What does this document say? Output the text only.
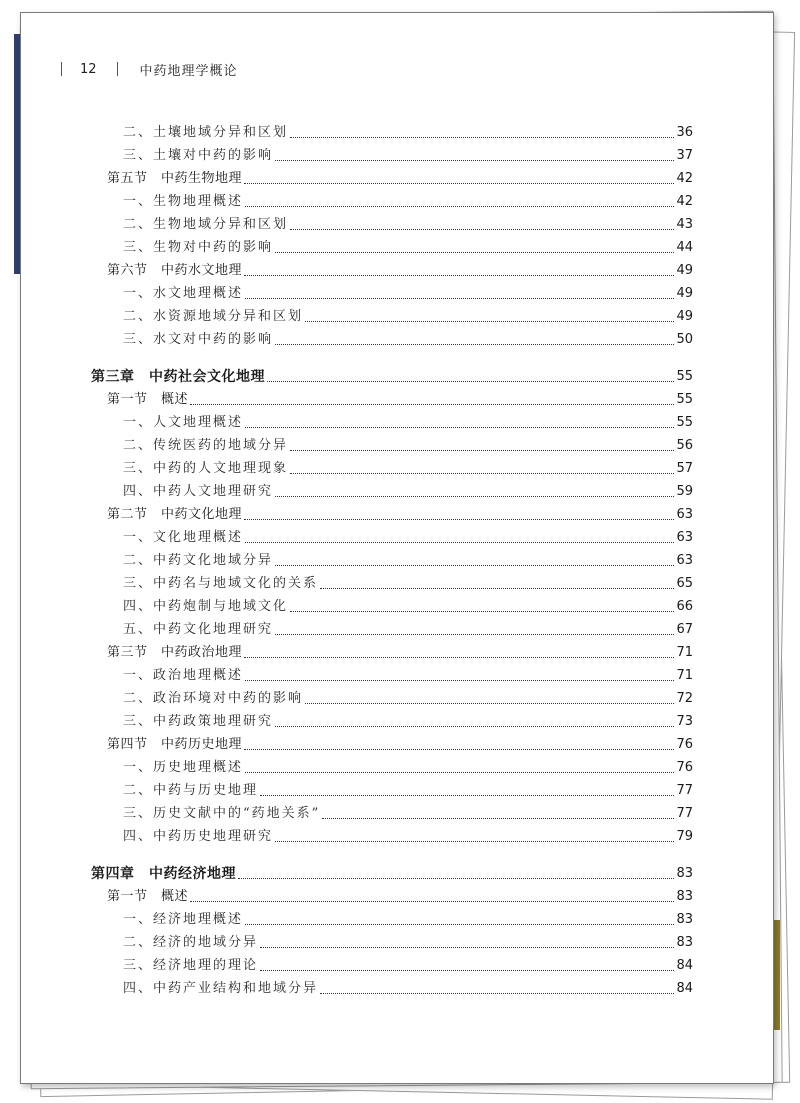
12	中药地理学概论
二、土壤地域分异和区划	36
三、土壤对中药的影响	37
第五节　中药生物地理	42
一、生物地理概述	42
二、生物地域分异和区划	43
三、生物对中药的影响	44
第六节　中药水文地理	49
一、水文地理概述	49
二、水资源地域分异和区划	49
三、水文对中药的影响	50
第三章　中药社会文化地理	55
第一节　概述	55
一、人文地理概述	55
二、传统医药的地域分异	56
三、中药的人文地理现象	57
四、中药人文地理研究	59
第二节　中药文化地理	63
一、文化地理概述	63
二、中药文化地域分异	63
三、中药名与地域文化的关系	65
四、中药炮制与地域文化	66
五、中药文化地理研究	67
第三节　中药政治地理	71
一、政治地理概述	71
二、政治环境对中药的影响	72
三、中药政策地理研究	73
第四节　中药历史地理	76
一、历史地理概述	76
二、中药与历史地理	77
三、历史文献中的“药地关系”	77
四、中药历史地理研究	79
第四章　中药经济地理	83
第一节　概述	83
一、经济地理概述	83
二、经济的地域分异	83
三、经济地理的理论	84
四、中药产业结构和地域分异	84
